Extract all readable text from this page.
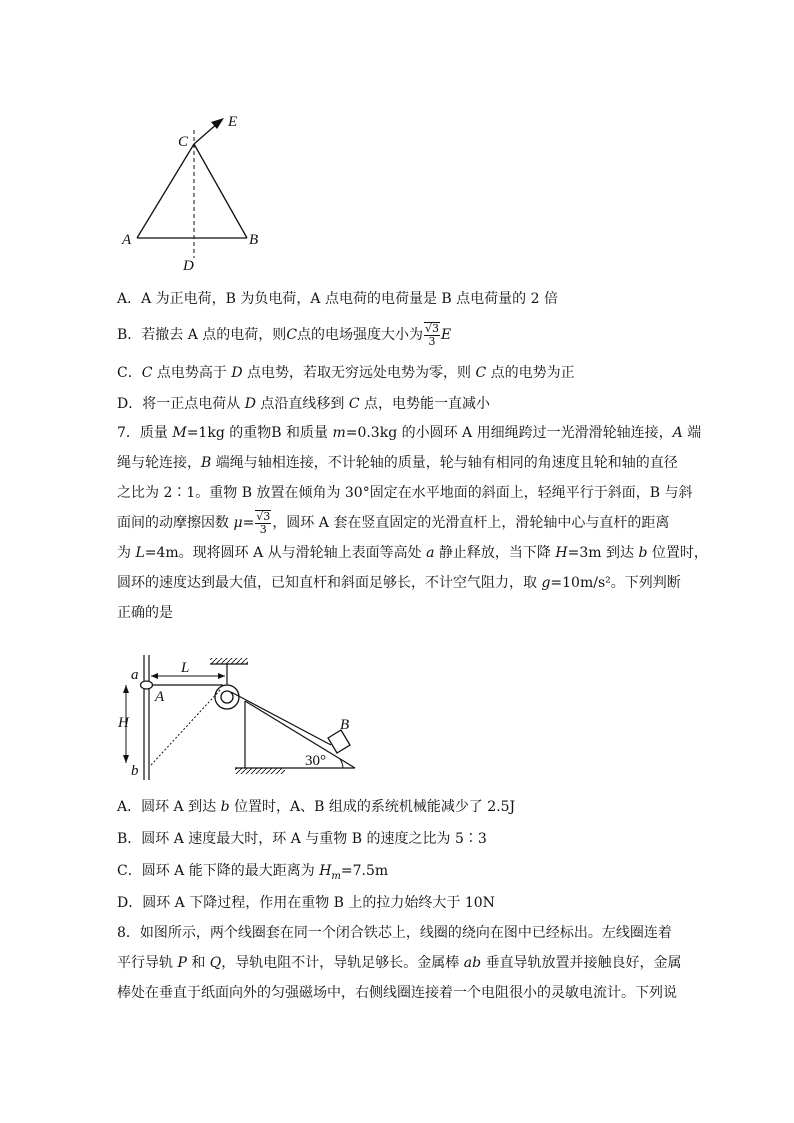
C
E
A	B
D
A．A 为正电荷，B 为负电荷，A 点电荷的电荷量是 B 点电荷量的 2 倍
B．若撤去 A 点的电荷，则C点的电场强度大小为 $\frac{√3}{3}$ E
C．C 点电势高于 D 点电势，若取无穷远处电势为零，则 C 点的电势为正
D．将一正点电荷从 D 点沿直线移到 C 点，电势能一直减小

7．质量 M=1kg 的重物B 和质量 m=0.3kg 的小圆环 A 用细绳跨过一光滑滑轮轴连接，A 端

绳与轮连接，B 端绳与轴相连接，不计轮轴的质量，轮与轴有相同的角速度且轮和轴的直径

之比为 2∶1。重物 B 放置在倾角为 30°固定在水平地面的斜面上，轻绳平行于斜面，B 与斜

面间的动摩擦因数 $\mu= \frac{√3}{3}$ ，圆环 A 套在竖直固定的光滑直杆上，滑轮轴中心与直杆的距离

为 L=4m。现将圆环 A 从与滑轮轴上表面等高处 a 静止释放，当下降 H=3m 到达 b 位置时，

圆环的速度达到最大值，已知直杆和斜面足够长，不计空气阻力，取 g=10m/s²。下列判断

正确的是

a	L
A
H
b
B
30°
A．圆环 A 到达 b 位置时，A、B 组成的系统机械能减少了 2.5J
B．圆环 A 速度最大时，环 A 与重物 B 的速度之比为 5∶3
C．圆环 A 能下降的最大距离为 $H_m=7.5m$
D．圆环 A 下降过程，作用在重物 B 上的拉力始终大于 10N

8．如图所示，两个线圈套在同一个闭合铁芯上，线圈的绕向在图中已经标出。左线圈连着

平行导轨 P 和 Q，导轨电阻不计，导轨足够长。金属棒 ab 垂直导轨放置并接触良好，金属

棒处在垂直于纸面向外的匀强磁场中，右侧线圈连接着一个电阻很小的灵敏电流计。下列说
